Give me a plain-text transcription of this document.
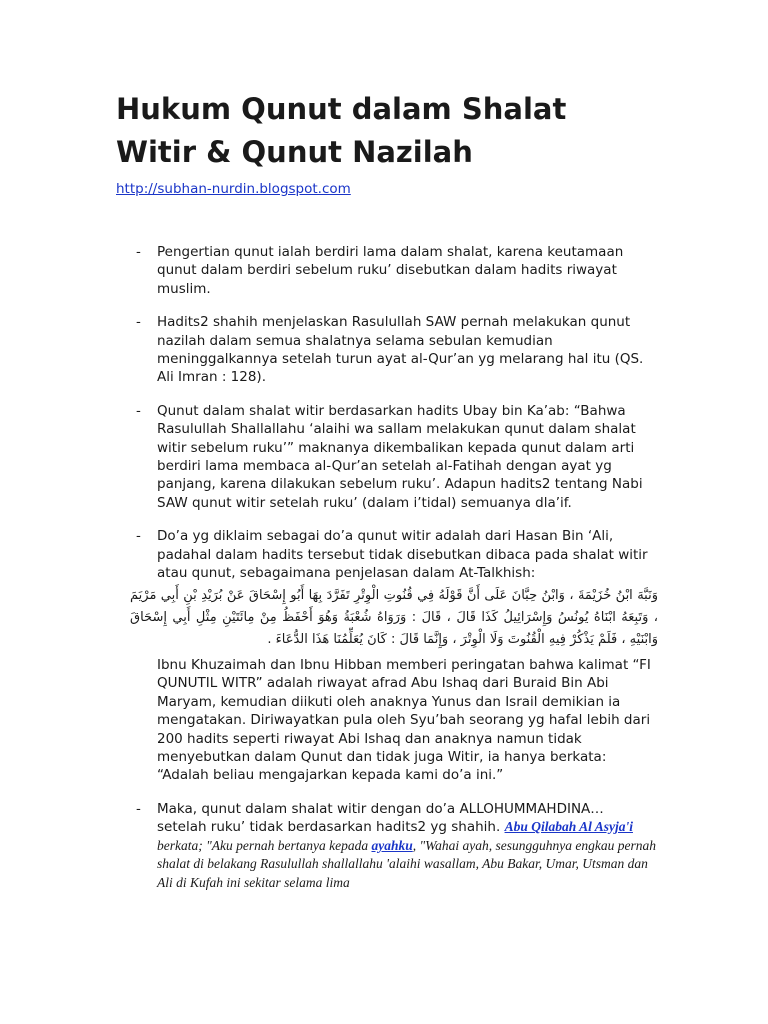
Hukum Qunut dalam Shalat
Witir & Qunut Nazilah
http://subhan-nurdin.blogspot.com
- Pengertian qunut ialah berdiri lama dalam shalat, karena keutamaan qunut dalam berdiri sebelum ruku’ disebutkan dalam hadits riwayat muslim.
- Hadits2 shahih menjelaskan Rasulullah SAW pernah melakukan qunut nazilah dalam semua shalatnya selama sebulan kemudian meninggalkannya setelah turun ayat al-Qur’an yg melarang hal itu (QS. Ali Imran : 128).
- Qunut dalam shalat witir berdasarkan hadits Ubay bin Ka’ab: “Bahwa Rasulullah Shallallahu ‘alaihi wa sallam melakukan qunut dalam shalat witir sebelum ruku’” maknanya dikembalikan kepada qunut dalam arti berdiri lama membaca al-Qur’an setelah al-Fatihah dengan ayat yg panjang, karena dilakukan sebelum ruku’. Adapun hadits2 tentang Nabi SAW qunut witir setelah ruku’ (dalam i’tidal) semuanya dla’if.
- Do’a yg diklaim sebagai do’a qunut witir adalah dari Hasan Bin ‘Ali, padahal dalam hadits tersebut tidak disebutkan dibaca pada shalat witir atau qunut, sebagaimana penjelasan dalam At-Talkhish:
وَنَبَّهَ ابْنُ خُزَيْمَةَ ، وَابْنُ حِبَّانَ عَلَى أَنَّ قَوْلَهُ فِي قُنُوتِ الْوِتْرِ تَفَرَّدَ بِهَا أَبُو إِسْحَاقَ عَنْ بُرَيْدِ بْنِ أَبِي مَرْيَمَ ، وَتَبِعَهُ ابْنَاهُ يُونُسُ وَإِسْرَائِيلُ كَذَا قَالَ ، قَالَ : وَرَوَاهُ شُعْبَةُ وَهُوَ أَحْفَظُ مِنْ مِائَتَيْنِ مِثْلِ أَبِي إِسْحَاقَ وَابْنَيْهِ ، فَلَمْ يَذْكُرْ فِيهِ الْقُنُوتَ وَلَا الْوِتْرَ ، وَإِنَّمَا قَالَ : كَانَ يُعَلِّمُنَا هَذَا الدُّعَاءَ .

Ibnu Khuzaimah dan Ibnu Hibban memberi peringatan bahwa kalimat “FI QUNUTIL WITR” adalah riwayat afrad Abu Ishaq dari Buraid Bin Abi Maryam, kemudian diikuti oleh anaknya Yunus dan Israil demikian ia mengatakan. Diriwayatkan pula oleh Syu’bah seorang yg hafal lebih dari 200 hadits seperti riwayat Abi Ishaq dan anaknya namun tidak menyebutkan dalam Qunut dan tidak juga Witir, ia hanya berkata: “Adalah beliau mengajarkan kepada kami do’a ini.”

- Maka, qunut dalam shalat witir dengan do’a ALLOHUMMAHDINA… setelah ruku’ tidak berdasarkan hadits2 yg shahih. Abu Qilabah Al Asyja'i berkata; "Aku pernah bertanya kepada ayahku, "Wahai ayah, sesungguhnya engkau pernah shalat di belakang Rasulullah shallallahu 'alaihi wasallam, Abu Bakar, Umar, Utsman dan Ali di Kufah ini sekitar selama lima
